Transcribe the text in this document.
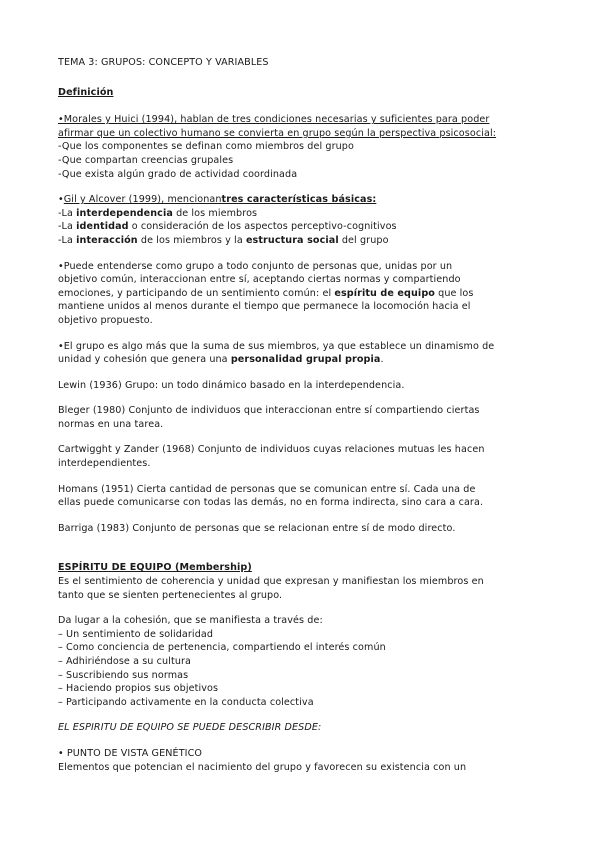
TEMA 3: GRUPOS: CONCEPTO Y VARIABLES

Definición

•Morales y Huici (1994), hablan de tres condiciones necesarias y suficientes para poder
afirmar que un colectivo humano se convierta en grupo según la perspectiva psicosocial:
-Que los componentes se definan como miembros del grupo
-Que compartan creencias grupales
-Que exista algún grado de actividad coordinada
•Gil y Alcover (1999), mencionantres características básicas:
-La interdependencia de los miembros
-La identidad o consideración de los aspectos perceptivo-cognitivos
-La interacción de los miembros y la estructura social del grupo
•Puede entenderse como grupo a todo conjunto de personas que, unidas por un
objetivo común, interaccionan entre sí, aceptando ciertas normas y compartiendo
emociones, y participando de un sentimiento común: el espíritu de equipo que los
mantiene unidos al menos durante el tiempo que permanece la locomoción hacia el
objetivo propuesto.
•El grupo es algo más que la suma de sus miembros, ya que establece un dinamismo de
unidad y cohesión que genera una personalidad grupal propia.
Lewin (1936) Grupo: un todo dinámico basado en la interdependencia.
Bleger (1980) Conjunto de individuos que interaccionan entre sí compartiendo ciertas
normas en una tarea.
Cartwigght y Zander (1968) Conjunto de individuos cuyas relaciones mutuas les hacen
interdependientes.
Homans (1951) Cierta cantidad de personas que se comunican entre sí. Cada una de
ellas puede comunicarse con todas las demás, no en forma indirecta, sino cara a cara.
Barriga (1983) Conjunto de personas que se relacionan entre sí de modo directo.
ESPÍRITU DE EQUIPO (Membership)
Es el sentimiento de coherencia y unidad que expresan y manifiestan los miembros en
tanto que se sienten pertenecientes al grupo.
Da lugar a la cohesión, que se manifiesta a través de:
– Un sentimiento de solidaridad
– Como conciencia de pertenencia, compartiendo el interés común
– Adhiriéndose a su cultura
– Suscribiendo sus normas
– Haciendo propios sus objetivos
– Participando activamente en la conducta colectiva
EL ESPIRITU DE EQUIPO SE PUEDE DESCRIBIR DESDE:
• PUNTO DE VISTA GENÉTICO
Elementos que potencian el nacimiento del grupo y favorecen su existencia con un
